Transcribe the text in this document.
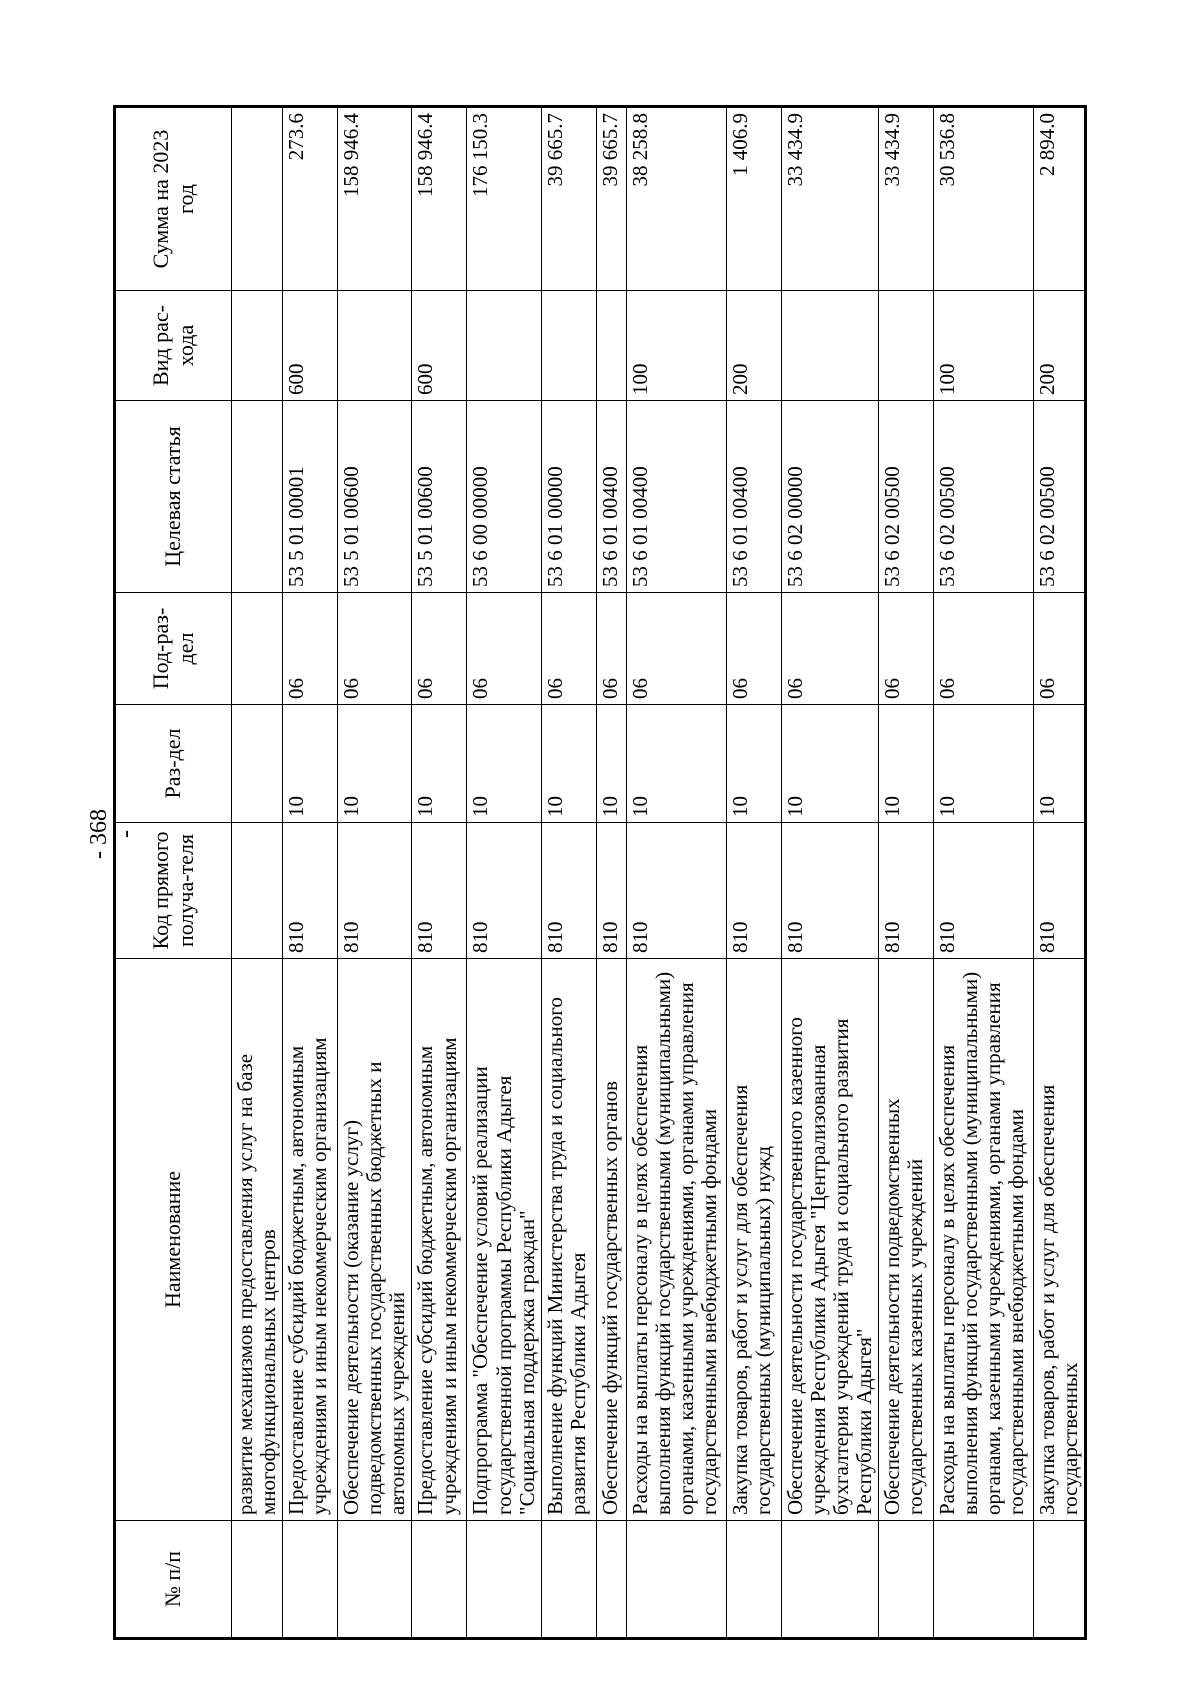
- 368 -
№ п/п	Наименование	Код прямого получа-теля	Раз-дел	Под-раз-дел	Целевая статья	Вид рас-хода	Сумма на 2023 год
	развитие механизмов предоставления услуг на базе многофункциональных центров						
	Предоставление субсидий бюджетным, автономным учреждениям и иным некоммерческим организациям	810	10	06	53 5 01 00001	600	273.6
	Обеспечение деятельности (оказание услуг) подведомственных государственных бюджетных и автономных учреждений	810	10	06	53 5 01 00600		158 946.4
	Предоставление субсидий бюджетным, автономным учреждениям и иным некоммерческим организациям	810	10	06	53 5 01 00600	600	158 946.4
	Подпрограмма "Обеспечение условий реализации государственной программы Республики Адыгея "Социальная поддержка граждан"	810	10	06	53 6 00 00000		176 150.3
	Выполнение функций Министерства труда и социального развития Республики Адыгея	810	10	06	53 6 01 00000		39 665.7
	Обеспечение функций государственных органов	810	10	06	53 6 01 00400		39 665.7
	Расходы на выплаты персоналу в целях обеспечения выполнения функций государственными (муниципальными) органами, казенными учреждениями, органами управления государственными внебюджетными фондами	810	10	06	53 6 01 00400	100	38 258.8
	Закупка товаров, работ и услуг для обеспечения государственных (муниципальных) нужд	810	10	06	53 6 01 00400	200	1 406.9
	Обеспечение деятельности государственного казенного учреждения Республики Адыгея "Централизованная бухгалтерия учреждений труда и социального развития Республики Адыгея"	810	10	06	53 6 02 00000		33 434.9
	Обеспечение деятельности подведомственных государственных казенных учреждений	810	10	06	53 6 02 00500		33 434.9
	Расходы на выплаты персоналу в целях обеспечения выполнения функций государственными (муниципальными) органами, казенными учреждениями, органами управления государственными внебюджетными фондами	810	10	06	53 6 02 00500	100	30 536.8
	Закупка товаров, работ и услуг для обеспечения государственных	810	10	06	53 6 02 00500	200	2 894.0
